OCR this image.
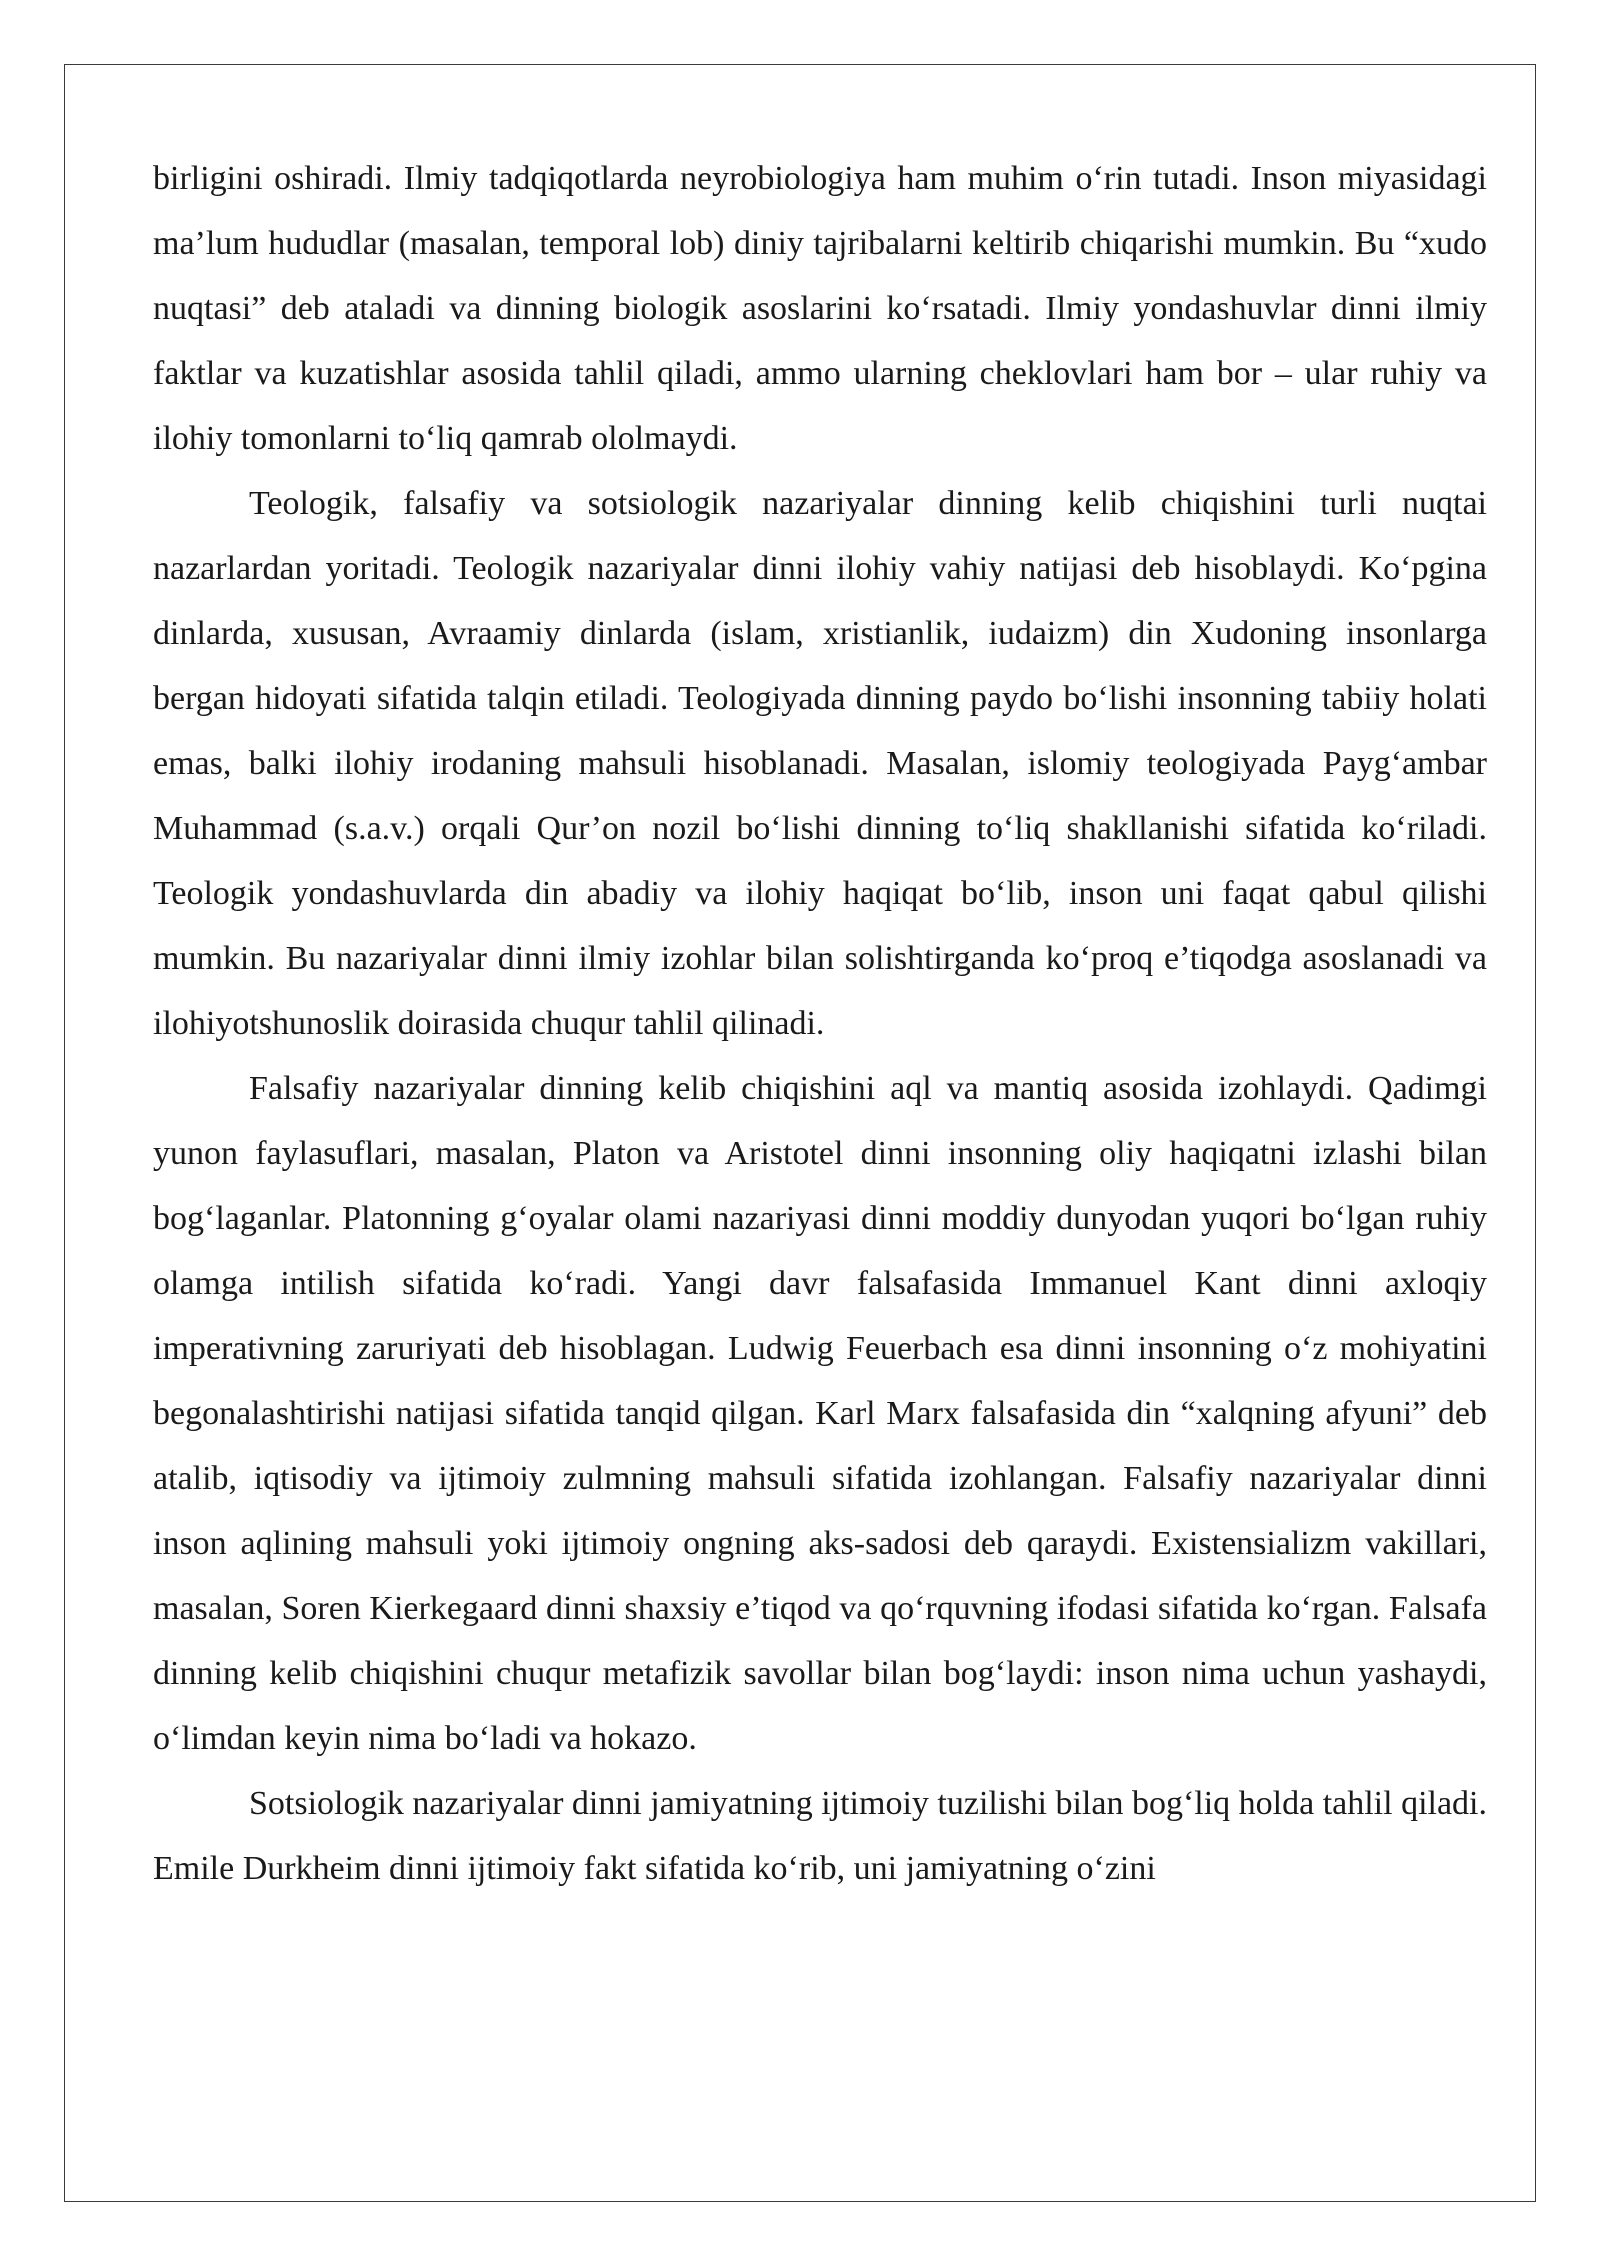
birligini oshiradi. Ilmiy tadqiqotlarda neyrobiologiya ham muhim o‘rin tutadi. Inson miyasidagi ma’lum hududlar (masalan, temporal lob) diniy tajribalarni keltirib chiqarishi mumkin. Bu “xudo nuqtasi” deb ataladi va dinning biologik asoslarini ko‘rsatadi. Ilmiy yondashuvlar dinni ilmiy faktlar va kuzatishlar asosida tahlil qiladi, ammo ularning cheklovlari ham bor – ular ruhiy va ilohiy tomonlarni to‘liq qamrab ololmaydi.

Teologik, falsafiy va sotsiologik nazariyalar dinning kelib chiqishini turli nuqtai nazarlardan yoritadi. Teologik nazariyalar dinni ilohiy vahiy natijasi deb hisoblaydi. Ko‘pgina dinlarda, xususan, Avraamiy dinlarda (islam, xristianlik, iudaizm) din Xudoning insonlarga bergan hidoyati sifatida talqin etiladi. Teologiyada dinning paydo bo‘lishi insonning tabiiy holati emas, balki ilohiy irodaning mahsuli hisoblanadi. Masalan, islomiy teologiyada Payg‘ambar Muhammad (s.a.v.) orqali Qur’on nozil bo‘lishi dinning to‘liq shakllanishi sifatida ko‘riladi. Teologik yondashuvlarda din abadiy va ilohiy haqiqat bo‘lib, inson uni faqat qabul qilishi mumkin. Bu nazariyalar dinni ilmiy izohlar bilan solishtirganda ko‘proq e’tiqodga asoslanadi va ilohiyotshunoslik doirasida chuqur tahlil qilinadi.

Falsafiy nazariyalar dinning kelib chiqishini aql va mantiq asosida izohlaydi. Qadimgi yunon faylasuflari, masalan, Platon va Aristotel dinni insonning oliy haqiqatni izlashi bilan bog‘laganlar. Platonning g‘oyalar olami nazariyasi dinni moddiy dunyodan yuqori bo‘lgan ruhiy olamga intilish sifatida ko‘radi. Yangi davr falsafasida Immanuel Kant dinni axloqiy imperativning zaruriyati deb hisoblagan. Ludwig Feuerbach esa dinni insonning o‘z mohiyatini begonalashtirishi natijasi sifatida tanqid qilgan. Karl Marx falsafasida din “xalqning afyuni” deb atalib, iqtisodiy va ijtimoiy zulmning mahsuli sifatida izohlangan. Falsafiy nazariyalar dinni inson aqlining mahsuli yoki ijtimoiy ongning aks-sadosi deb qaraydi. Existensializm vakillari, masalan, Soren Kierkegaard dinni shaxsiy e’tiqod va qo‘rquvning ifodasi sifatida ko‘rgan. Falsafa dinning kelib chiqishini chuqur metafizik savollar bilan bog‘laydi: inson nima uchun yashaydi, o‘limdan keyin nima bo‘ladi va hokazo.

Sotsiologik nazariyalar dinni jamiyatning ijtimoiy tuzilishi bilan bog‘liq holda tahlil qiladi. Emile Durkheim dinni ijtimoiy fakt sifatida ko‘rib, uni jamiyatning o‘zini
